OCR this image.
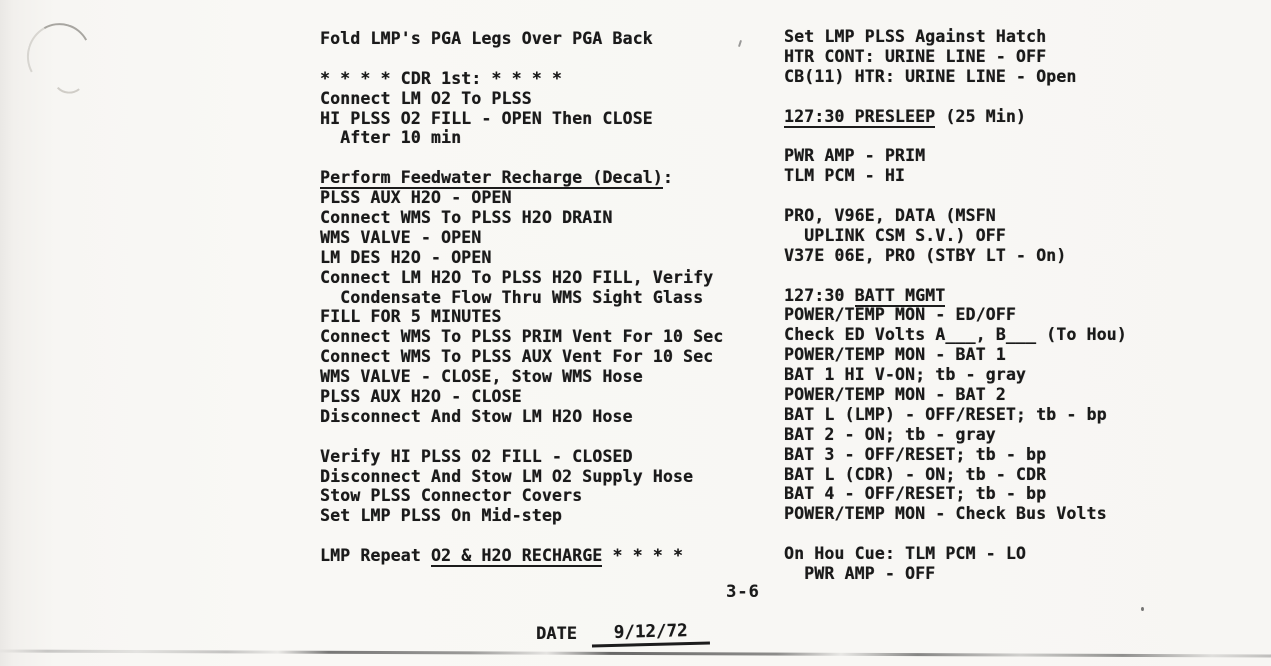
Fold LMP's PGA Legs Over PGA Back

* * * * CDR 1st: * * * *
Connect LM O2 To PLSS
HI PLSS O2 FILL - OPEN Then CLOSE
After 10 min

Perform Feedwater Recharge (Decal):
PLSS AUX H2O - OPEN
Connect WMS To PLSS H2O DRAIN
WMS VALVE - OPEN
LM DES H2O - OPEN
Connect LM H2O To PLSS H2O FILL, Verify
Condensate Flow Thru WMS Sight Glass
FILL FOR 5 MINUTES
Connect WMS To PLSS PRIM Vent For 10 Sec
Connect WMS To PLSS AUX Vent For 10 Sec
WMS VALVE - CLOSE, Stow WMS Hose
PLSS AUX H2O - CLOSE
Disconnect And Stow LM H2O Hose

Verify HI PLSS O2 FILL - CLOSED
Disconnect And Stow LM O2 Supply Hose
Stow PLSS Connector Covers
Set LMP PLSS On Mid-step

LMP Repeat O2 & H2O RECHARGE * * * *
Set LMP PLSS Against Hatch
HTR CONT: URINE LINE - OFF
CB(11) HTR: URINE LINE - Open

127:30 PRESLEEP (25 Min)

PWR AMP - PRIM
TLM PCM - HI

PRO, V96E, DATA (MSFN
UPLINK CSM S.V.) OFF
V37E 06E, PRO (STBY LT - On)

127:30 BATT MGMT
POWER/TEMP MON - ED/OFF
Check ED Volts A___, B___ (To Hou)
POWER/TEMP MON - BAT 1
BAT 1 HI V-ON; tb - gray
POWER/TEMP MON - BAT 2
BAT L (LMP) - OFF/RESET; tb - bp
BAT 2 - ON; tb - gray
BAT 3 - OFF/RESET; tb - bp
BAT L (CDR) - ON; tb - CDR
BAT 4 - OFF/RESET; tb - bp
POWER/TEMP MON - Check Bus Volts

On Hou Cue: TLM PCM - LO
PWR AMP - OFF
3-6
DATE 9/12/72
